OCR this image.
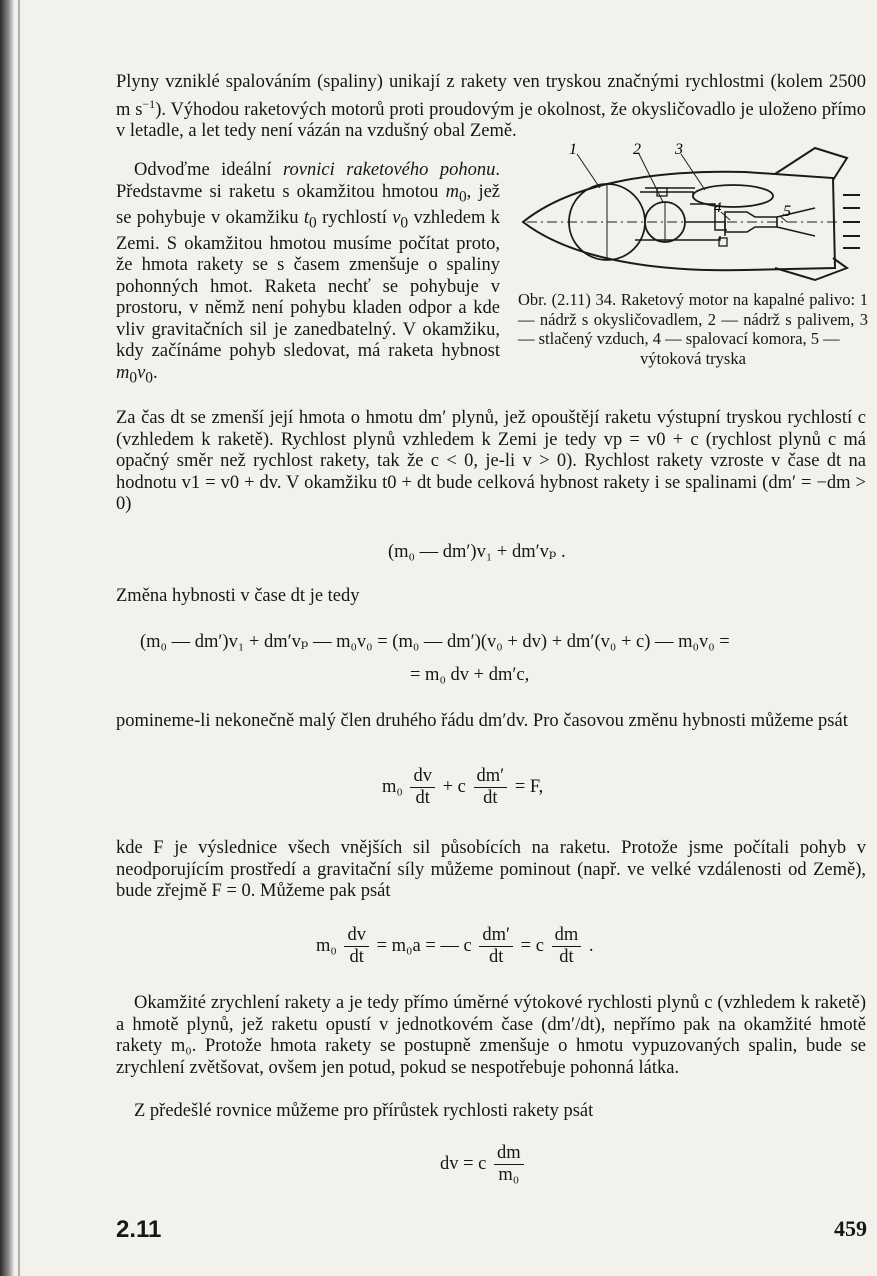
Plyny vzniklé spalováním (spaliny) unikají z rakety ven tryskou značnými rychlostmi (kolem 2500 m $s^{-1}$). Výhodou raketových motorů proti proudovým je okolnost, že okysličovadlo je uloženo přímo v letadle, a let tedy není vázán na vzdušný obal Země.

Odvoďme ideální rovnici raketového pohonu. Představme si raketu s okamžitou hmotou $m_0$, jež se pohybuje v okamžiku $t_0$ rychlostí $v_0$ vzhledem k Zemi. S okamžitou hmotou musíme počítat proto, že hmota rakety se s časem zmenšuje o spaliny pohonných hmot. Raketa nechť se pohybuje v prostoru, v němž není pohybu kladen odpor a kde vliv gravitačních sil je zanedbatelný. V okamžiku, kdy začínáme pohyb sledovat, má raketa hybnost $m_0v_0$.

1	2 3
4	5
Obr. (2.11) 34. Raketový motor na kapalné palivo: 1 — nádrž s okysličovadlem, 2 — nádrž s palivem, 3 — stlačený vzduch, 4 — spalovací komora, 5 —
výtoková tryska

Za čas dt se zmenší její hmota o hmotu dm′ plynů, jež opouštějí raketu výstupní tryskou rychlostí c (vzhledem k raketě). Rychlost plynů vzhledem k Zemi je tedy vp = v0 + c (rychlost plynů c má opačný směr než rychlost rakety, tak že c < 0, je-li v > 0). Rychlost rakety vzroste v čase dt na hodnotu v1 = v0 + dv. V okamžiku t0 + dt bude celková hybnost rakety i se spalinami (dm′ = −dm > 0)

(m₀ — dm′)v₁ + dm′vₚ .

Změna hybnosti v čase dt je tedy

(m₀ — dm′)v₁ + dm′vₚ — m₀v₀ = (m₀ — dm′)(v₀ + dv) + dm′(v₀ + c) — m₀v₀ =
= m₀ dv + dm′c,

pomineme-li nekonečně malý člen druhého řádu dm′dv. Pro časovou změnu hybnosti můžeme psát

$m_0 \frac{dv}{dt} + c \frac{dm'}{dt} = F$,

kde F je výslednice všech vnějších sil působících na raketu. Protože jsme počítali pohyb v neodporujícím prostředí a gravitační síly můžeme pominout (např. ve velké vzdálenosti od Země), bude zřejmě F = 0. Můžeme pak psát

$m_0 \frac{dv}{dt} = m_0a$ = — c $\frac{dm'}{dt} = c \frac{dm}{dt}$ .

Okamžité zrychlení rakety a je tedy přímo úměrné výtokové rychlosti plynů c (vzhledem k raketě) a hmotě plynů, jež raketu opustí v jednotkovém čase (dm′/dt), nepřímo pak na okamžité hmotě rakety m₀. Protože hmota rakety se postupně zmenšuje o hmotu vypuzovaných spalin, bude se zrychlení zvětšovat, ovšem jen potud, pokud se nespotřebuje pohonná látka.

Z předešlé rovnice můžeme pro přírůstek rychlosti rakety psát

dv = c $\frac{dm}{\text{m₀}}$
2.11	459
